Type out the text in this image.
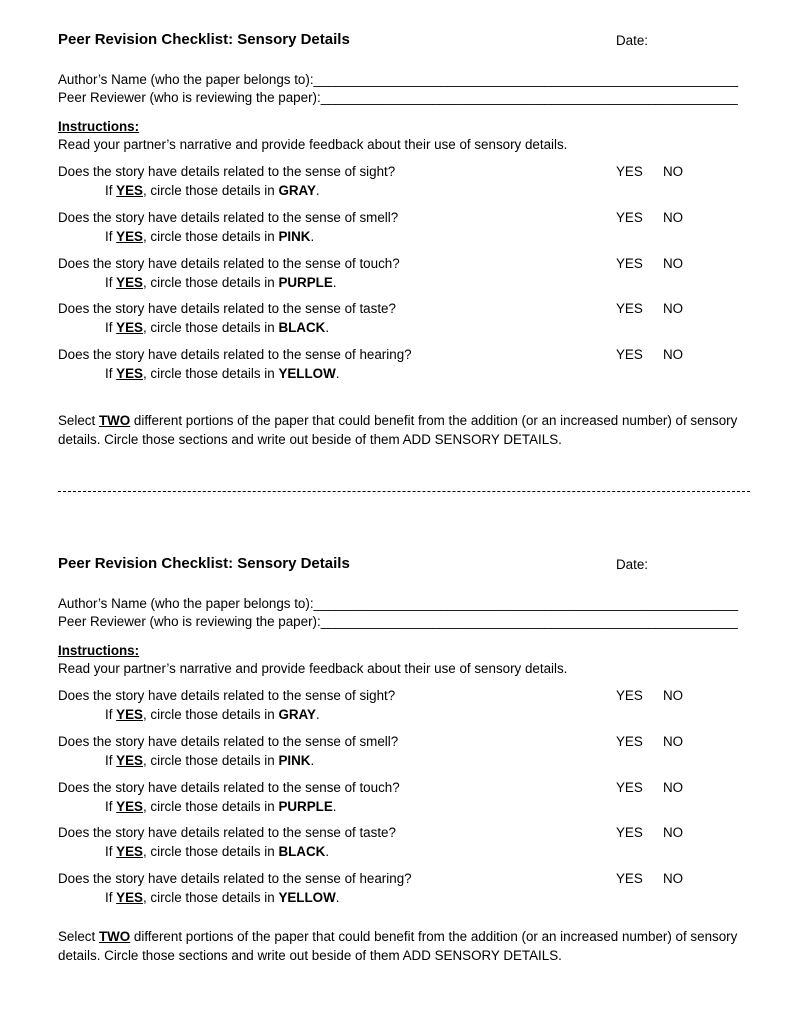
Peer Revision Checklist: Sensory Details	Date:
Author’s Name (who the paper belongs to):_________________________________________________________
Peer Reviewer (who is reviewing the paper):________________________________________________________
Instructions:
Read your partner’s narrative and provide feedback about their use of sensory details.
Does the story have details related to the sense of sight?	YES NO
If YES, circle those details in GRAY.
Does the story have details related to the sense of smell?	YES NO
If YES, circle those details in PINK.
Does the story have details related to the sense of touch?	YES NO
If YES, circle those details in PURPLE.
Does the story have details related to the sense of taste?	YES NO
If YES, circle those details in BLACK.
Does the story have details related to the sense of hearing?	YES NO
If YES, circle those details in YELLOW.
Select TWO different portions of the paper that could benefit from the addition (or an increased number) of sensory details. Circle those sections and write out beside of them ADD SENSORY DETAILS.
Peer Revision Checklist: Sensory Details	Date:
Author’s Name (who the paper belongs to):_________________________________________________________
Peer Reviewer (who is reviewing the paper):________________________________________________________
Instructions:
Read your partner’s narrative and provide feedback about their use of sensory details.
Does the story have details related to the sense of sight?	YES NO
If YES, circle those details in GRAY.
Does the story have details related to the sense of smell?	YES NO
If YES, circle those details in PINK.
Does the story have details related to the sense of touch?	YES NO
If YES, circle those details in PURPLE.
Does the story have details related to the sense of taste?	YES NO
If YES, circle those details in BLACK.
Does the story have details related to the sense of hearing?	YES NO
If YES, circle those details in YELLOW.
Select TWO different portions of the paper that could benefit from the addition (or an increased number) of sensory details. Circle those sections and write out beside of them ADD SENSORY DETAILS.
